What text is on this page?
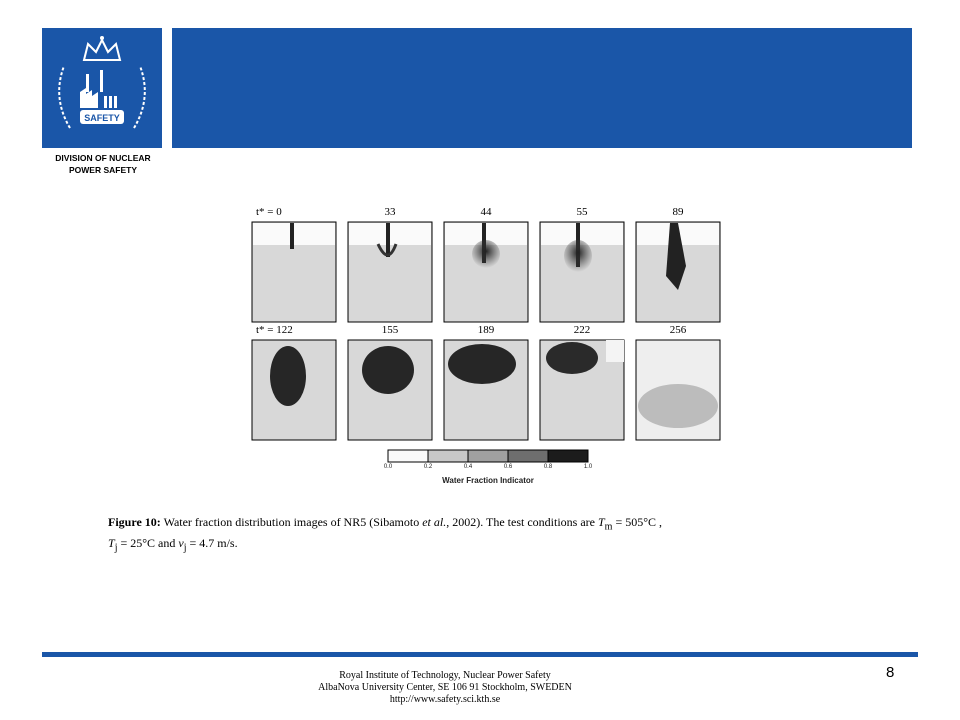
SAFETY
DIVISION OF NUCLEAR
POWER SAFETY
t* = 0	33	44	55	89
t* = 122	155	189	222	256
0.0	0.2	0.4	0.6	0.8	1.0
Water Fraction Indicator
Figure 10: Water fraction distribution images of NR5 (Sibamoto et al., 2002). The test conditions are $T_m = 505^\circ C$ ,
$T_j = 25^\circ C$ and $v_j = 4.7$ m/s.
Royal Institute of Technology, Nuclear Power Safety
AlbaNova University Center, SE 106 91 Stockholm, SWEDEN
http://www.safety.sci.kth.se
8
